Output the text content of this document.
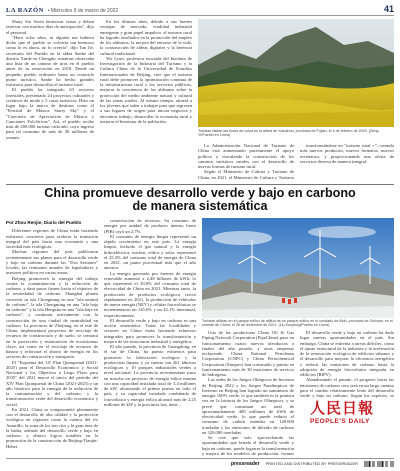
LA RAZÓN • Miércoles 9 de marzo de 2022	41

Shary Siu Seren hermosas vistas y deben reservar con muchos días de anticipación", dijo el personal.

"Hace ocho años, ni alguien me hubiera dicho que el pueblo se volvería tan hermoso como lo es ahora, no lo creería", dijo Tan Jie, secretario del Partido en la aldea Sanhe del distrito Xinde en Chengdu, mientras observaba una lista de un camino de tiras en el pueblo antes de su renovación en 2018. Desde un pequeño pueblo ordinario hasta un conocido punto turístico, Sanhe ha hecho grandes esfuerzos para desarrollar el turismo rural.

El pueblo ha integrado 63 recursos forestales, presentado 24 proyectos culturales y creativos de moda y 5 casas turísticas. Hizo un lugar bajo la marca de destinos como el "Festival de Música Starry Sky" y el "Concierto de Apreciación de Música y Canciones Folclóricas". Así, el pueblo recibe más de 200.000 turistas cada año, cuyo ingreso para tal consumo de más de 30 millones de yuanes.

En los últimos años, debido a sus fuertes ventajas de mercado, vitalidad industrial emergente y gran papel impulsor, el turismo rural ha logrado resultados en la promoción del empleo de los aldeanos, la mejora del entorno de la vida, la construcción de aldeas digitales y la herencia cultural tradicional.

Wu Lyun, profesora asociada del Instituto de Investigación de la Industria del Turismo y la Cultura China de la Universidad de Estudios Internacionales de Beijing, cree que el turismo rural debe promover la optimización continua de la infraestructura rural y los servicios públicos, mejorar la conciencia de los aldeanos sobre la protección del medio ambiente natural y cultural de las zonas rurales. Al mismo tiempo, atraerá a los jóvenes que salen a trabajar para que regresen a sus lugares de origen para iniciar negocios y encontrar trabajo, desarrollar la economía rural y mejorar el bienestar de la población.

Turistas visitan las flores de colza en la aldea de Xiaozhou, provincia de Fujian, el 4 de febrero de 2020. (Zeng Yi/Pueblo en Línea)

La Administración Nacional de Turismo de China está aumentando pasivamente el apoyo político y vinculando la construcción de los caminos turísticos rurales con el desarrollo de nuevas formas de turismo rural.

Según el Ministerio de Cultura y Turismo de China, en 2021, el Ministerio de Cultura y Turismo

transformándose en "turismo rural +", creando más nuevos productos, nuevos formatos, nuevos escenarios, y proporcionando una oferta de servicios diversa de manera integral.

China promueve desarrollo verde y bajo en carbono
de manera sistemática
Por Zhou Renjie, Diario del Pueblo

Diferentes regiones de China están haciendo esfuerzos concretos para acelerar la transición integral del país hacia una economía y una sociedad más ecológicas.

Muchas regiones del país publicaron recientemente sus planes para el desarrollo verde y bajo en carbono durante las "Dos Sesiones" locales, las reuniones anuales de legisladores y asesores políticos en varias zonas.

Beijing promoverá la sinergia del trabajo contra la contaminación y la reducción de carbono, y dará pasos firmes hacia el objetivo de la neutralidad de carbono. Shanghai planea convertir su isla Chongming en una "isla neutral de carbono", la isla Chongming en una "isla baja en carbono" y la isla Hengsha en una "isla baja en carbono", y continuar activamente con la construcción de una ciudad de neutralidad en carbono. La provincia de Zhejiang, en el este de China, implementará proyectos de reciclaje de recursos de construcción y de suelo, se centrará en la protección y restauración de ecosistemas clave, así como en el reciclaje de recursos de basura y reforzará el ahorro de energía en los sectores de construcción y transporte.

El "Esquema del 14° Plan Quinquenal (2021-2025) para el Desarrollo Económico y Social Nacional y los Objetivos a Largo Plazo para 2035" del 2021 marcó el inicio del período del XIV Plan Quinquenal de China (2021-2025) y un año histórico para la sinergia de la reducción de la contaminación y del carbono, y la transformación verde del desarrollo económico y social.

En 2021, China se comprometió plenamente con el desarrollo de alta calidad y la protección ecológica en regiones como la cuenca del río Amarillo, la zona de los tres ríos y la gran área de la bahía, además del desarrollo verde y bajo en carbono, y obtuvo logros notables en la promoción de la construcción de Beijing-Tianjin-Hebei.

conservación de recursos. Su consumo de energía por unidad de producto interno bruto (PIB) cayó un 2,7%.

El consumo de energía limpia representó un rápido crecimiento en este país. La energía limpia, incluido el gas natural y la energía hidroeléctrica, nuclear, eólica y solar, representó el 25,3% del consumo total de energía de China en 2021, un punto porcentual más que el año anterior.

La energía generada por fuentes de energía renovable aumentó a 2,48 billones de kWh, lo que representó el 29,8% del consumo total de electricidad de China en 2021. Mientras tanto, la producción de productos ecológicos creció rápidamente en 2021, la producción de vehículos de nueva energía (NEV) y células fotovoltaicas se incrementaron un 145,6% y un 42,1% interanual, respectivamente.

El desarrollo verde y bajo en carbono es una acción sistemática. Todas las localidades y sectores en China están haciendo esfuerzos integrados para promover la transformación y mejora de las estructuras industrial y energética.

El año pasado, la provincia de Guangdong, en el sur de China, ha puesto esfuerzos para promover la fabricación ecológica y la producción limpia, y ya cuenta con 261 fábricas ecológicas y 10 parques industriales verdes a nivel nacional. La provincia recientemente puso en marcha un proyecto de energía eólica marina con una capacidad instalada total de 3,4 millones de kW, alcanzando el primer puesto en todo el país, y su capacidad instalada combinada de fotovoltaica y energía eólica alcanzó más de 2,25 millones de kW y la provincia hoy tiene...

Turistas utilizan en el parque eólico de altitud de un parque eólico en el condado de Aldo, provincia de Sichuan, en el sureste de China, el 26 de diciembre de 2021. (Liu Kunpeng/Pueblo en Línea)

Una de las productoras China Oil & Gas Piping Network Corporation (PipeChina) puso en funcionamiento cuatro nuevos oleoductos a finales del año pasado, y otras empresas incluyendo China National Petroleum Corporation (CNPC) y China Petrochemical Corporation (Sinopec) han construido y puesto en funcionamiento más de 30 estaciones de servicio de hidrógeno.

Las sedes de los Juegos Olímpicos de Invierno de Beijing 2022 y los Juegos Paralímpicos de Invierno en Beijing han logrado un suministro de energía 100% verde, lo que también es la primera vez en la historia de los Juegos Olímpicos, y se prevé que consuman un total de aproximadamente 400 millones de kWh de electricidad verde, lo que puede reducir el consumo de carbón estándar en 128.000 toneladas y las emisiones de dióxido de carbono en 320.000 toneladas.

Se cree que solo aprovechando las oportunidades que brinda el desarrollo verde y bajo en carbono, puede lograrse la transformación y mejora de los modelos de producción, formas

El desarrollo verde y bajo en carbono ha dado lugar nuevas oportunidades en el país. Sin embargo, China se enfrenta a tareas difíciles, como el ajuste estructural de la industria y la aceleración de la renovación ecológica de edificios urbanos y el desarrollo para mejorar la eficiencia energética y reducir las emisiones de carbono hasta la adopción de energía fotovoltaica integrada en edificios (BIPV).

Abandonando el pasado, el progreso hacia las emisiones de carbono cero será en un largo camino para el cambio relativamente lento del desarrollo verde y bajo en carbono. Según los expertos, se

人民日報
PEOPLE'S DAILY
pressreader PRINTED AND DISTRIBUTED BY PRESSREADER
